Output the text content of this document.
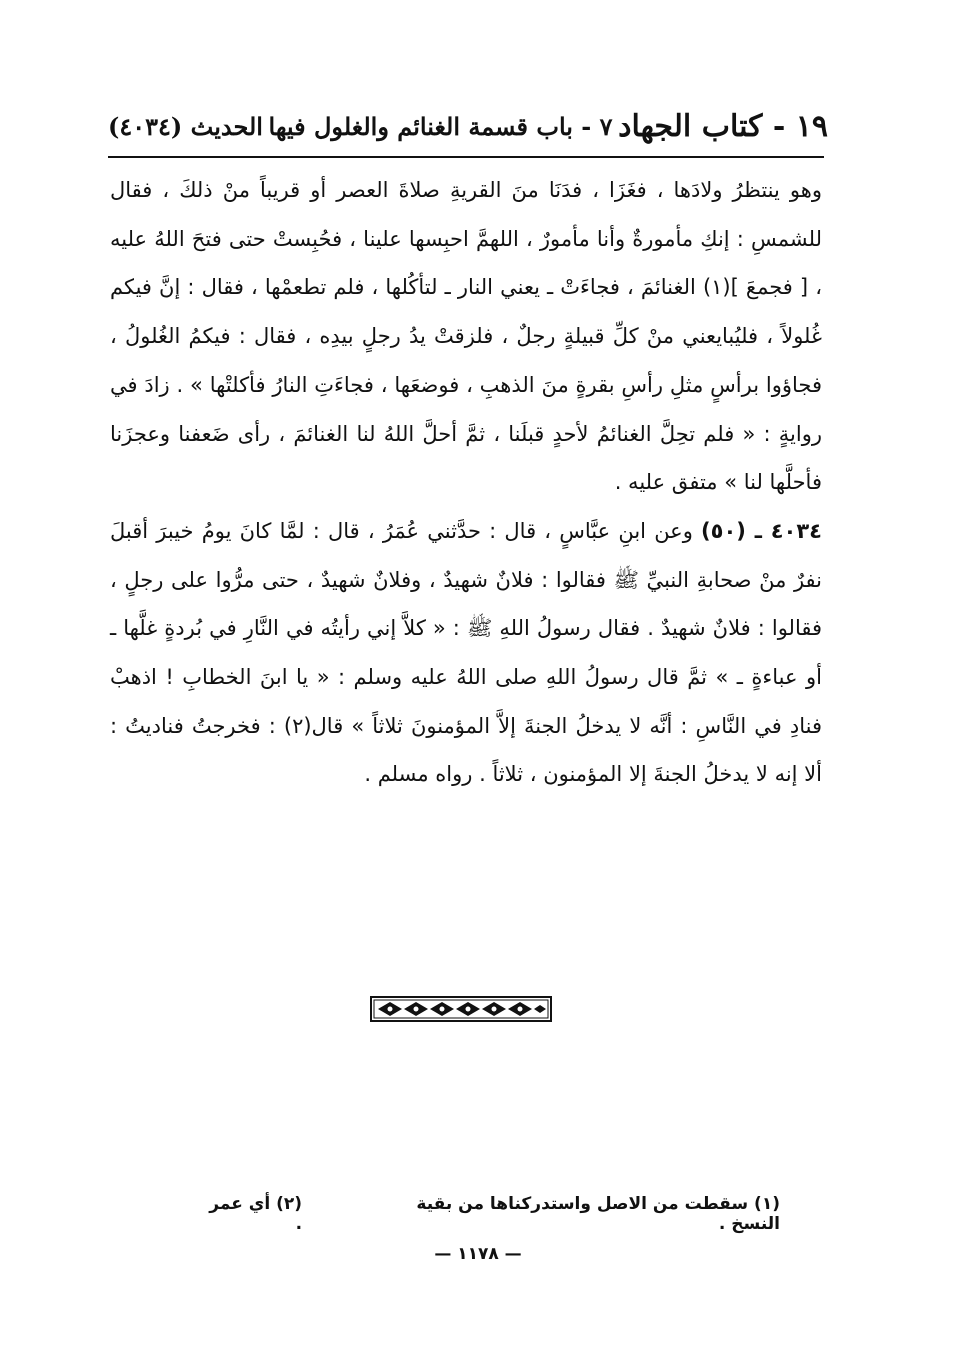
١٩ - كتاب الجهاد
٧ - باب قسمة الغنائم والغلول فيها
الحديث (٤٠٣٤)

وهو ينتظرُ ولادَها ، فغَزَا ، فدَنَا منَ القريةِ صلاةَ العصر أو قريباً منْ ذلكَ ، فقال للشمسِ : إنكِ مأمورةٌ وأنا مأمورٌ ، اللهمَّ احبِسها علينا ، فحُبِستْ حتى فتحَ اللهُ عليه ، [ فجمعَ ](١) الغنائمَ ، فجاءَتْ ـ يعني النار ـ لتأكُلها ، فلم تطعمْها ، فقال : إنَّ فيكم غُلولاً ، فليُبايعني منْ كلِّ قبيلةٍ رجلٌ ، فلزقتْ يدُ رجلٍ بيدِه ، فقال : فيكمُ الغُلولُ ، فجاؤوا برأسٍ مثلِ رأسِ بقرةٍ منَ الذهبِ ، فوضعَها ، فجاءَتِ النارُ فأكلتْها » . زادَ في روايةٍ : « فلم تحِلَّ الغنائمُ لأحدٍ قبلَنا ، ثمَّ أحلَّ اللهُ لنا الغنائمَ ، رأى ضَعفنا وعجزَنا فأحلَّها لنا » متفق عليه .

٤٠٣٤ ـ (٥٠) وعن ابنِ عبَّاسٍ ، قال : حدَّثني عُمَرُ ، قال : لمَّا كانَ يومُ خيبرَ أقبلَ نفرٌ منْ صحابةِ النبيِّ ﷺ فقالوا : فلانٌ شهيدٌ ، وفلانٌ شهيدٌ ، حتى مرُّوا على رجلٍ ، فقالوا : فلانٌ شهيدٌ . فقال رسولُ اللهِ ﷺ : « كلاَّ إني رأيتُه في النَّارِ في بُردةٍ غلَّها ـ أو عباءةٍ ـ » ثمَّ قال رسولُ اللهِ صلى اللهُ عليه وسلم : « يا ابنَ الخطابِ ! اذهبْ فنادِ في النَّاسِ : أنَّه لا يدخلُ الجنةَ إلاَّ المؤمنونَ ثلاثاً » قال(٢) : فخرجتُ فناديتُ : ألا إنه لا يدخلُ الجنةَ إلا المؤمنون ، ثلاثاً . رواه مسلم .

(١) سقطت من الاصل واستدركناها من بقية النسخ .
(٢) أي عمر .
— ١١٧٨ —
